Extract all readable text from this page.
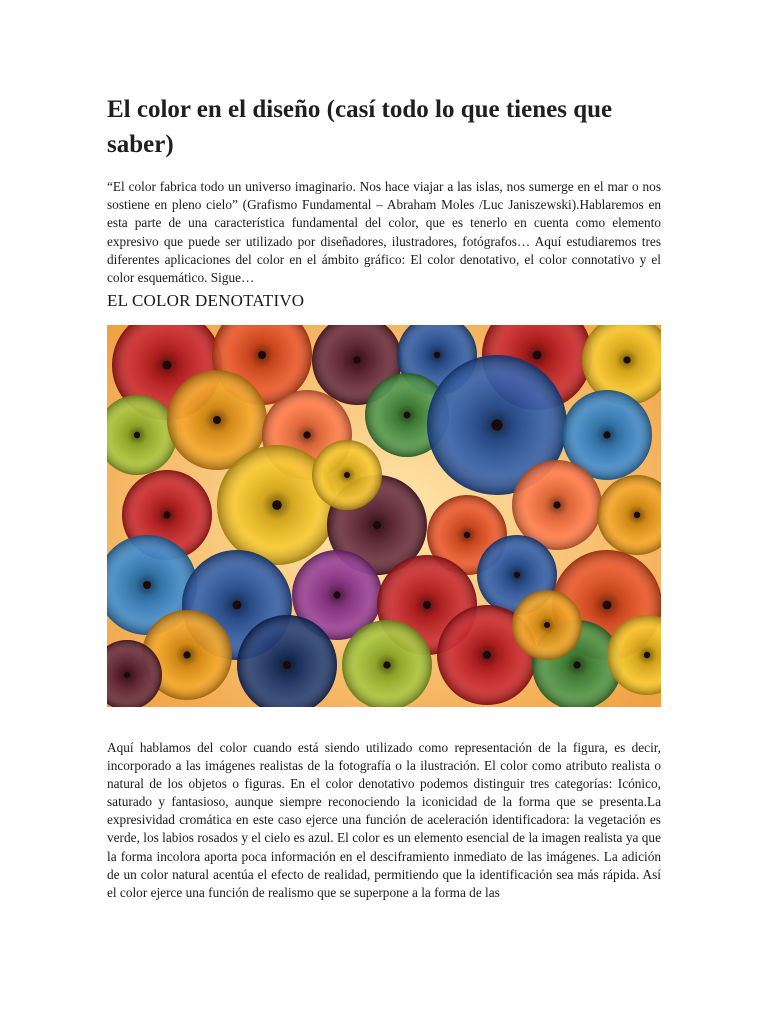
El color en el diseño (casí todo lo que tienes que saber)

“El color fabrica todo un universo imaginario. Nos hace viajar a las islas, nos sumerge en el mar o nos sostiene en pleno cielo” (Grafismo Fundamental – Abraham Moles /Luc Janiszewski).Hablaremos en esta parte de una característica fundamental del color, que es tenerlo en cuenta como elemento expresivo que puede ser utilizado por diseñadores, ilustradores, fotógrafos… Aquí estudiaremos tres diferentes aplicaciones del color en el ámbito gráfico: El color denotativo, el color connotativo y el color esquemático. Sigue…

EL COLOR DENOTATIVO

Aquí hablamos del color cuando está siendo utilizado como representación de la figura, es decir, incorporado a las imágenes realistas de la fotografía o la ilustración. El color como atributo realista o natural de los objetos o figuras. En el color denotativo podemos distinguir tres categorías: Icónico, saturado y fantasioso, aunque siempre reconociendo la iconicidad de la forma que se presenta.La expresividad cromática en este caso ejerce una función de aceleración identificadora: la vegetación es verde, los labios rosados y el cielo es azul. El color es un elemento esencial de la imagen realista ya que la forma incolora aporta poca información en el desciframiento inmediato de las imágenes. La adición de un color natural acentúa el efecto de realidad, permitiendo que la identificación sea más rápida. Así el color ejerce una función de realismo que se superpone a la forma de las
